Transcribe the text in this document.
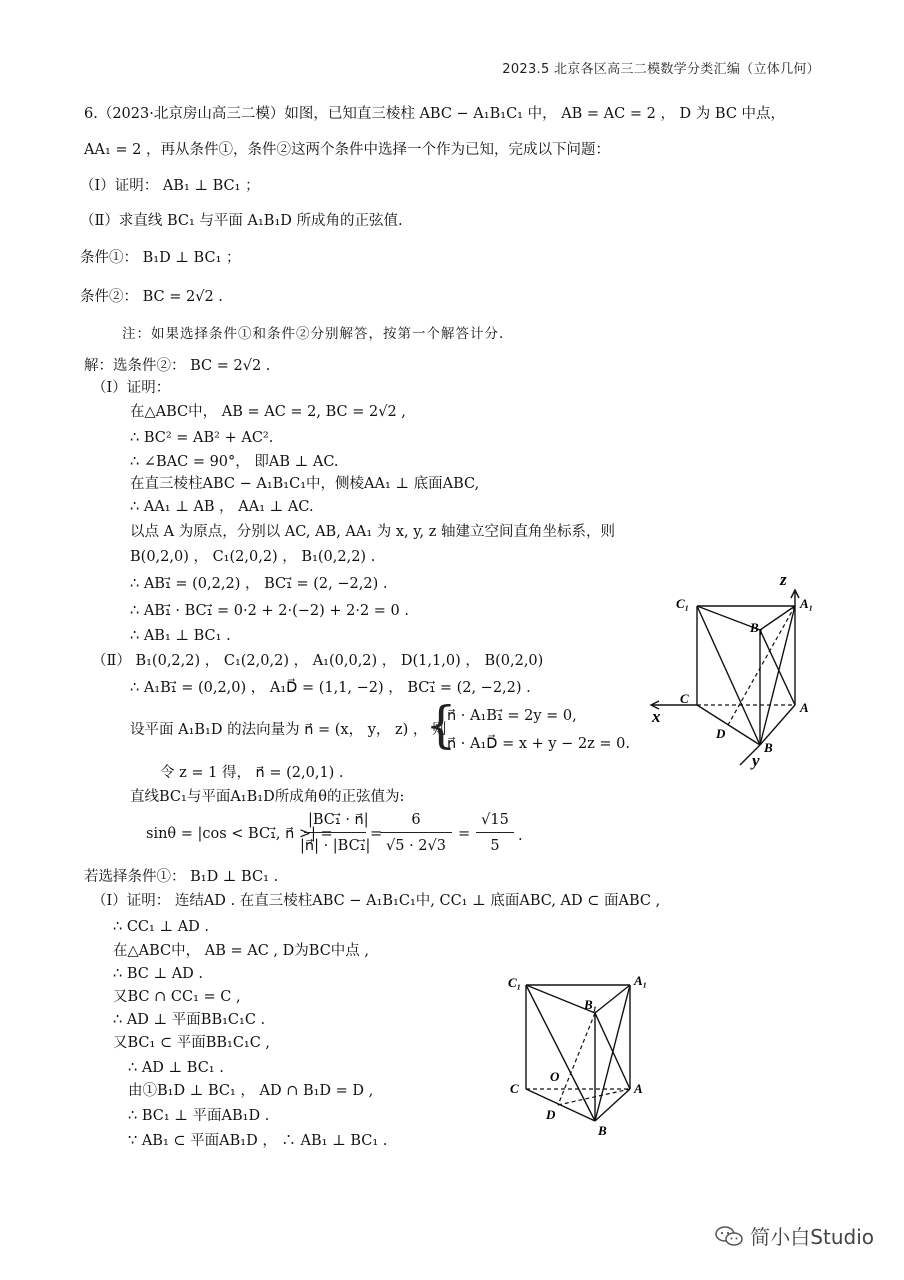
2023.5 北京各区高三二模数学分类汇编（立体几何）
6.（2023·北京房山高三二模）如图，已知直三棱柱 ABC − A₁B₁C₁ 中， AB = AC = 2 ， D 为 BC 中点，
AA₁ = 2 ，再从条件①，条件②这两个条件中选择一个作为已知，完成以下问题：
（Ⅰ）证明： AB₁ ⊥ BC₁ ；
（Ⅱ）求直线 BC₁ 与平面 A₁B₁D 所成角的正弦值.
条件①： B₁D ⊥ BC₁ ；
条件②： BC = 2√2 .
注：如果选择条件①和条件②分别解答，按第一个解答计分.
解：选条件②： BC = 2√2 .
（Ⅰ）证明：
在△ABC中， AB = AC = 2, BC = 2√2 ,
∴ BC² = AB² + AC².
∴ ∠BAC = 90°， 即AB ⊥ AC.
在直三棱柱ABC − A₁B₁C₁中，侧棱AA₁ ⊥ 底面ABC,
∴ AA₁ ⊥ AB ， AA₁ ⊥ AC.
以点 A 为原点，分别以 AC, AB, AA₁ 为 x, y, z 轴建立空间直角坐标系，则
B(0,2,0) ， C₁(2,0,2) ， B₁(0,2,2) .
∴ AB₁⃗ = (0,2,2) ， BC₁⃗ = (2, −2,2) .
∴ AB₁⃗ · BC₁⃗ = 0·2 + 2·(−2) + 2·2 = 0 .
∴ AB₁ ⊥ BC₁ .
（Ⅱ） B₁(0,2,2) ， C₁(2,0,2) ， A₁(0,0,2) ， D(1,1,0) ， B(0,2,0)
∴ A₁B₁⃗ = (0,2,0) ， A₁D⃗ = (1,1, −2) ， BC₁⃗ = (2, −2,2) .
设平面 A₁B₁D 的法向量为 n⃗ = (x， y， z) ， 则
{
n⃗ · A₁B₁⃗ = 2y = 0,
n⃗ · A₁D⃗ = x + y − 2z = 0.
令 z = 1 得， n⃗ = (2,0,1) .
直线BC₁与平面A₁B₁D所成角θ的正弦值为:
sinθ = |cos < BC₁⃗, n⃗ >| =
|BC₁⃗ · n⃗|
|n⃗| · |BC₁⃗|
=
6
√5 · 2√3
=
√15
5
.
若选择条件①： B₁D ⊥ BC₁ .
（Ⅰ）证明： 连结AD . 在直三棱柱ABC − A₁B₁C₁中, CC₁ ⊥ 底面ABC, AD ⊂ 面ABC ,
∴ CC₁ ⊥ AD .
在△ABC中， AB = AC , D为BC中点 ,
∴ BC ⊥ AD .
又BC ∩ CC₁ = C ,
∴ AD ⊥ 平面BB₁C₁C .
又BC₁ ⊂ 平面BB₁C₁C ,
∴ AD ⊥ BC₁ .
由①B₁D ⊥ BC₁ ， AD ∩ B₁D = D ,
∴ BC₁ ⊥ 平面AB₁D .
∵ AB₁ ⊂ 平面AB₁D ， ∴ AB₁ ⊥ BC₁ .
z
C₁	A₁
B₁
C
A
x
D
B
y
C₁	A₁
B₁
O
C	A
D
B
简小白Studio
